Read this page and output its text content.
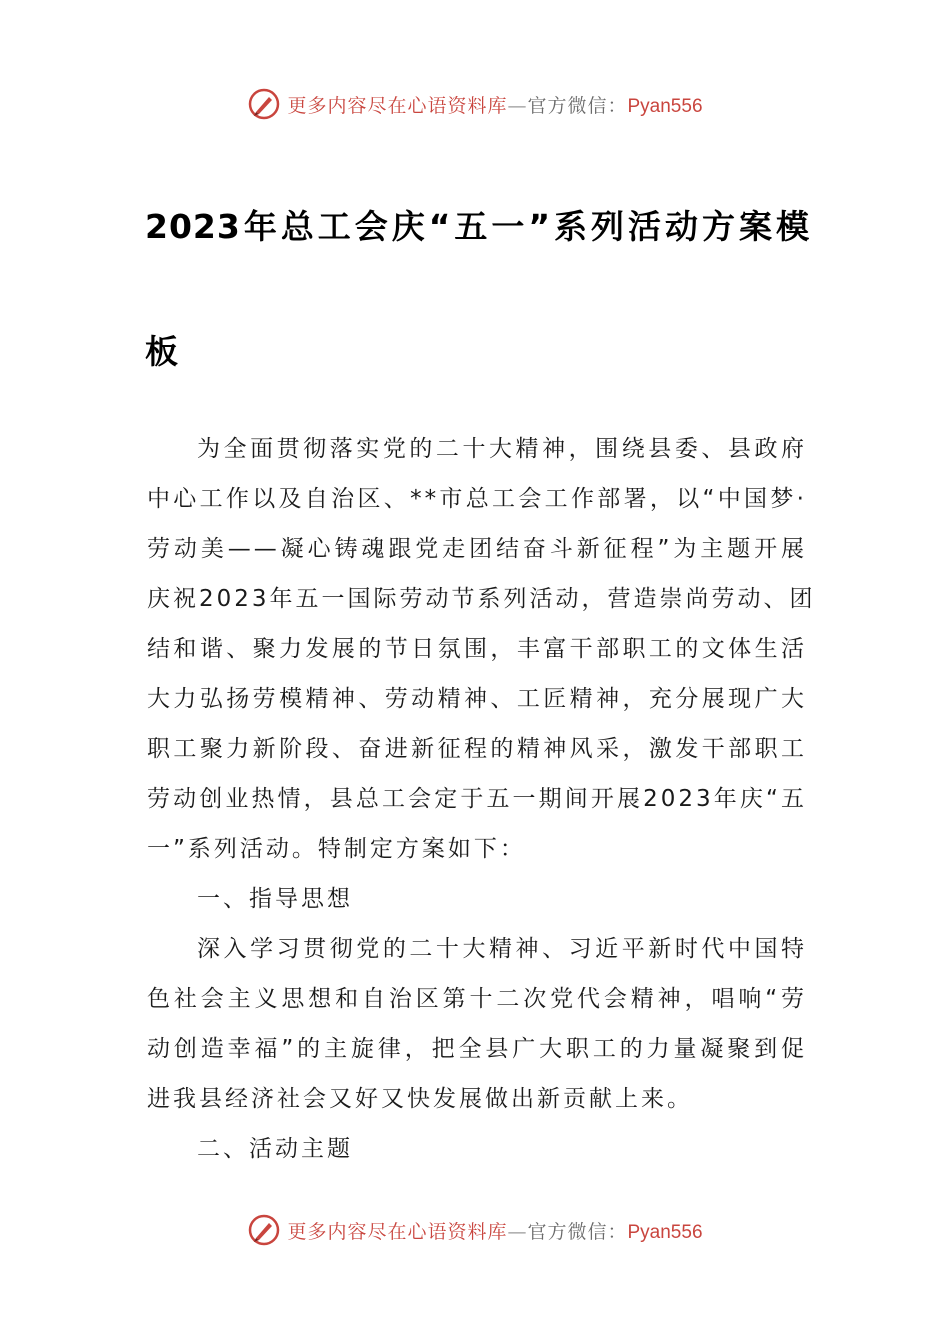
更多内容尽在心语资料库—官方微信：Pyan556
2023年总工会庆“五一”系列活动方案模
板
为全面贯彻落实党的二十大精神，围绕县委、县政府
中心工作以及自治区、**市总工会工作部署，以“中国梦·
劳动美——凝心铸魂跟党走团结奋斗新征程”为主题开展
庆祝2023年五一国际劳动节系列活动，营造崇尚劳动、团
结和谐、聚力发展的节日氛围，丰富干部职工的文体生活
大力弘扬劳模精神、劳动精神、工匠精神，充分展现广大
职工聚力新阶段、奋进新征程的精神风采，激发干部职工
劳动创业热情，县总工会定于五一期间开展2023年庆“五
一”系列活动。特制定方案如下：
一、指导思想
深入学习贯彻党的二十大精神、习近平新时代中国特
色社会主义思想和自治区第十二次党代会精神，唱响“劳
动创造幸福”的主旋律，把全县广大职工的力量凝聚到促
进我县经济社会又好又快发展做出新贡献上来。
二、活动主题
更多内容尽在心语资料库—官方微信：Pyan556
